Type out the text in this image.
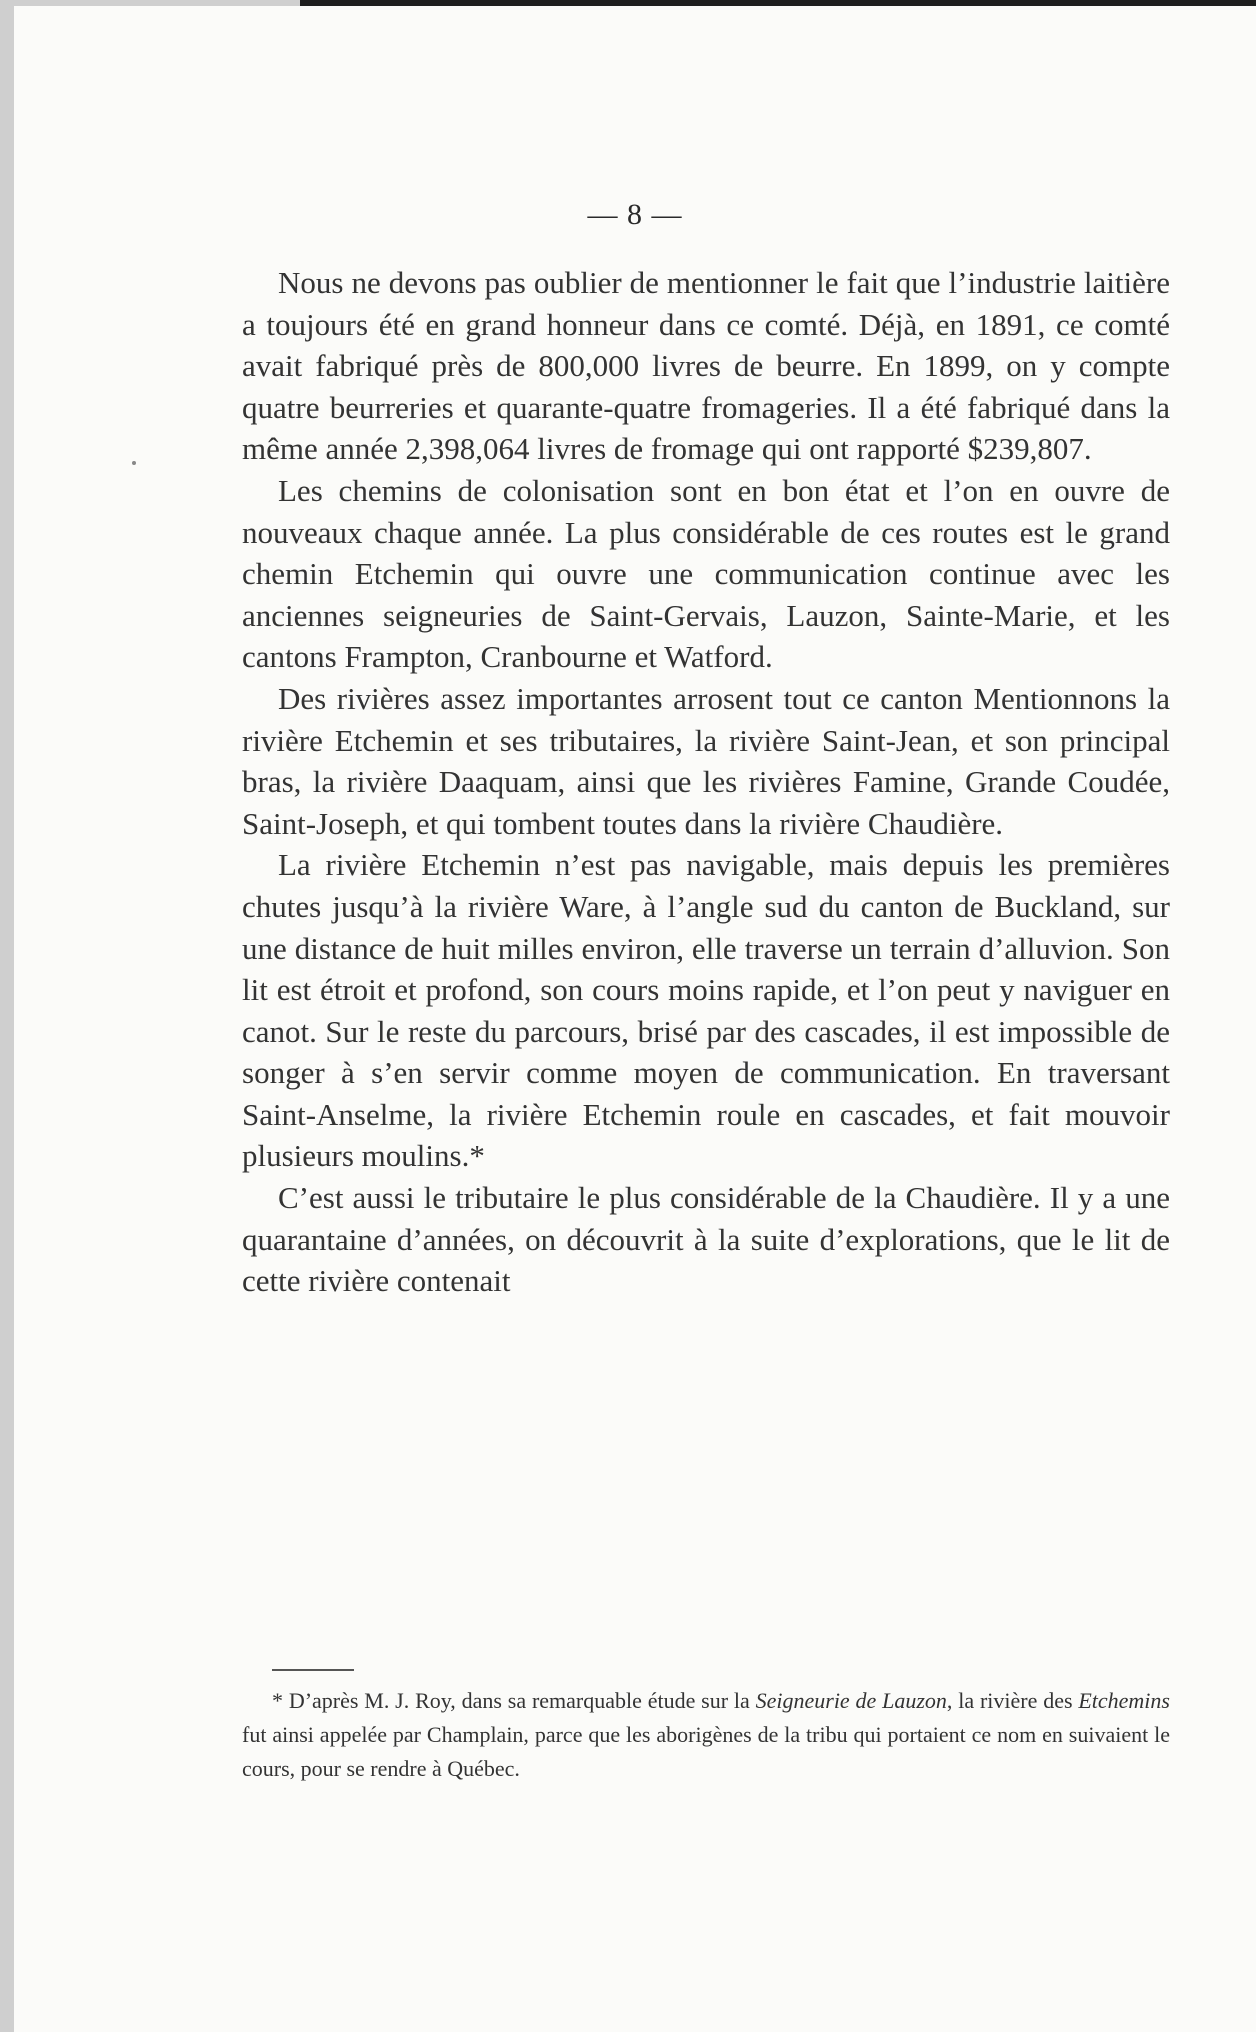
— 8 —

Nous ne devons pas oublier de mentionner le fait que l’industrie laitière a toujours été en grand honneur dans ce comté. Déjà, en 1891, ce comté avait fabriqué près de 800,000 livres de beurre. En 1899, on y compte quatre beurreries et quarante-quatre fromageries. Il a été fabriqué dans la même année 2,398,064 livres de fromage qui ont rapporté $239,807.

Les chemins de colonisation sont en bon état et l’on en ouvre de nouveaux chaque année. La plus considérable de ces routes est le grand chemin Etchemin qui ouvre une communication continue avec les anciennes seigneuries de Saint-Gervais, Lauzon, Sainte-Marie, et les cantons Frampton, Cranbourne et Watford.

Des rivières assez importantes arrosent tout ce canton Mentionnons la rivière Etchemin et ses tributaires, la rivière Saint-Jean, et son principal bras, la rivière Daaquam, ainsi que les rivières Famine, Grande Coudée, Saint-Joseph, et qui tombent toutes dans la rivière Chaudière.

La rivière Etchemin n’est pas navigable, mais depuis les premières chutes jusqu’à la rivière Ware, à l’angle sud du canton de Buckland, sur une distance de huit milles environ, elle traverse un terrain d’alluvion. Son lit est étroit et profond, son cours moins rapide, et l’on peut y naviguer en canot. Sur le reste du parcours, brisé par des cascades, il est impossible de songer à s’en servir comme moyen de communication. En traversant Saint-Anselme, la rivière Etchemin roule en cascades, et fait mouvoir plusieurs moulins.*

C’est aussi le tributaire le plus considérable de la Chaudière. Il y a une quarantaine d’années, on découvrit à la suite d’explorations, que le lit de cette rivière contenait

* D’après M. J. Roy, dans sa remarquable étude sur la Seigneurie de Lauzon, la rivière des Etchemins fut ainsi appelée par Champlain, parce que les aborigènes de la tribu qui portaient ce nom en suivaient le cours, pour se rendre à Québec.
